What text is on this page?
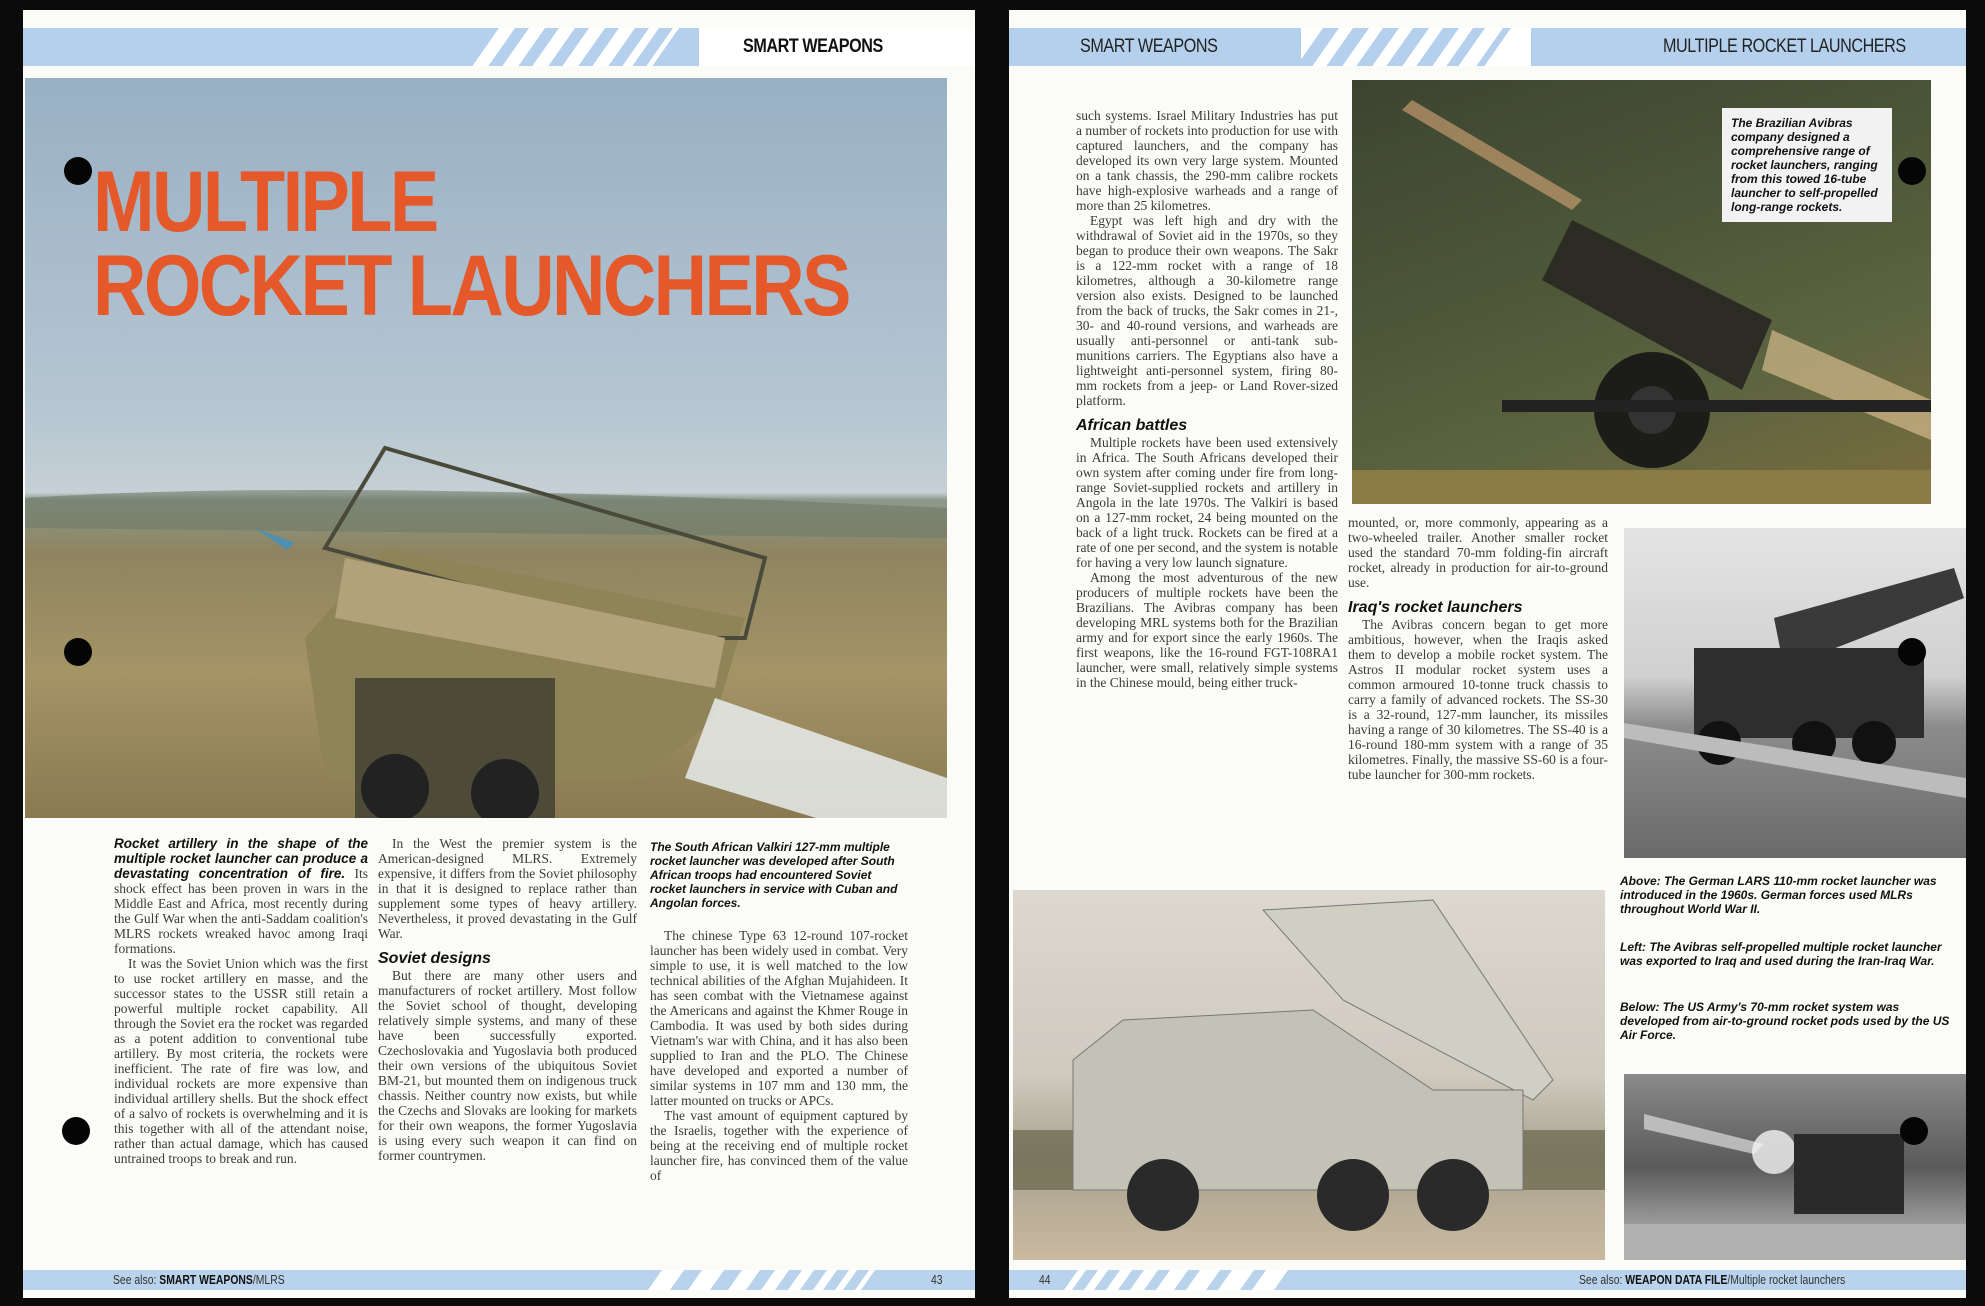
SMART WEAPONS
MULTIPLE
ROCKET LAUNCHERS

Rocket artillery in the shape of the multiple rocket launcher can produce a devastating concentration of fire. Its shock effect has been proven in wars in the Middle East and Africa, most recently during the Gulf War when the anti-Saddam coalition's MLRS rockets wreaked havoc among Iraqi formations.

It was the Soviet Union which was the first to use rocket artillery en masse, and the successor states to the USSR still retain a powerful multiple rocket capability. All through the Soviet era the rocket was regarded as a potent addition to conventional tube artillery. By most criteria, the rockets were inefficient. The rate of fire was low, and individual rockets are more expensive than individual artillery shells. But the shock effect of a salvo of rockets is overwhelming and it is this together with all of the attendant noise, rather than actual damage, which has caused untrained troops to break and run.

In the West the premier system is the American-designed MLRS. Extremely expensive, it differs from the Soviet philosophy in that it is designed to replace rather than supplement some types of heavy artillery. Nevertheless, it proved devastating in the Gulf War.

Soviet designs

But there are many other users and manufacturers of rocket artillery. Most follow the Soviet school of thought, developing relatively simple systems, and many of these have been successfully exported. Czechoslovakia and Yugoslavia both produced their own versions of the ubiquitous Soviet BM-21, but mounted them on indigenous truck chassis. Neither country now exists, but while the Czechs and Slovaks are looking for markets for their own weapons, the former Yugoslavia is using every such weapon it can find on former countrymen.

The South African Valkiri 127-mm multiple rocket launcher was developed after South African troops had encountered Soviet rocket launchers in service with Cuban and Angolan forces.

The chinese Type 63 12-round 107-rocket launcher has been widely used in combat. Very simple to use, it is well matched to the low technical abilities of the Afghan Mujahideen. It has seen combat with the Vietnamese against the Americans and against the Khmer Rouge in Cambodia. It was used by both sides during Vietnam's war with China, and it has also been supplied to Iran and the PLO. The Chinese have developed and exported a number of similar systems in 107 mm and 130 mm, the latter mounted on trucks or APCs.

The vast amount of equipment captured by the Israelis, together with the experience of being at the receiving end of multiple rocket launcher fire, has convinced them of the value of

See also: SMART WEAPONS/MLRS	43
SMART WEAPONS	MULTIPLE ROCKET LAUNCHERS

such systems. Israel Military Industries has put a number of rockets into production for use with captured launchers, and the company has developed its own very large system. Mounted on a tank chassis, the 290-mm calibre rockets have high-explosive warheads and a range of more than 25 kilometres.

Egypt was left high and dry with the withdrawal of Soviet aid in the 1970s, so they began to produce their own weapons. The Sakr is a 122-mm rocket with a range of 18 kilometres, although a 30-kilometre range version also exists. Designed to be launched from the back of trucks, the Sakr comes in 21-, 30- and 40-round versions, and warheads are usually anti-personnel or anti-tank sub-munitions carriers. The Egyptians also have a lightweight anti-personnel system, firing 80-mm rockets from a jeep- or Land Rover-sized platform.

African battles

Multiple rockets have been used extensively in Africa. The South Africans developed their own system after coming under fire from long-range Soviet-supplied rockets and artillery in Angola in the late 1970s. The Valkiri is based on a 127-mm rocket, 24 being mounted on the back of a light truck. Rockets can be fired at a rate of one per second, and the system is notable for having a very low launch signature.

Among the most adventurous of the new producers of multiple rockets have been the Brazilians. The Avibras company has been developing MRL systems both for the Brazilian army and for export since the early 1960s. The first weapons, like the 16-round FGT-108RA1 launcher, were small, relatively simple systems in the Chinese mould, being either truck-

The Brazilian Avibras company designed a comprehensive range of rocket launchers, ranging from this towed 16-tube launcher to self-propelled long-range rockets.

mounted, or, more commonly, appearing as a two-wheeled trailer. Another smaller rocket used the standard 70-mm folding-fin aircraft rocket, already in production for air-to-ground use.

Iraq's rocket launchers

The Avibras concern began to get more ambitious, however, when the Iraqis asked them to develop a mobile rocket system. The Astros II modular rocket system uses a common armoured 10-tonne truck chassis to carry a family of advanced rockets. The SS-30 is a 32-round, 127-mm launcher, its missiles having a range of 30 kilometres. The SS-40 is a 16-round 180-mm system with a range of 35 kilometres. Finally, the massive SS-60 is a four-tube launcher for 300-mm rockets.

Above: The German LARS 110-mm rocket launcher was introduced in the 1960s. German forces used MLRs throughout World War II.
Left: The Avibras self-propelled multiple rocket launcher was exported to Iraq and used during the Iran-Iraq War.
Below: The US Army's 70-mm rocket system was developed from air-to-ground rocket pods used by the US Air Force.
44	See also: WEAPON DATA FILE/Multiple rocket launchers
